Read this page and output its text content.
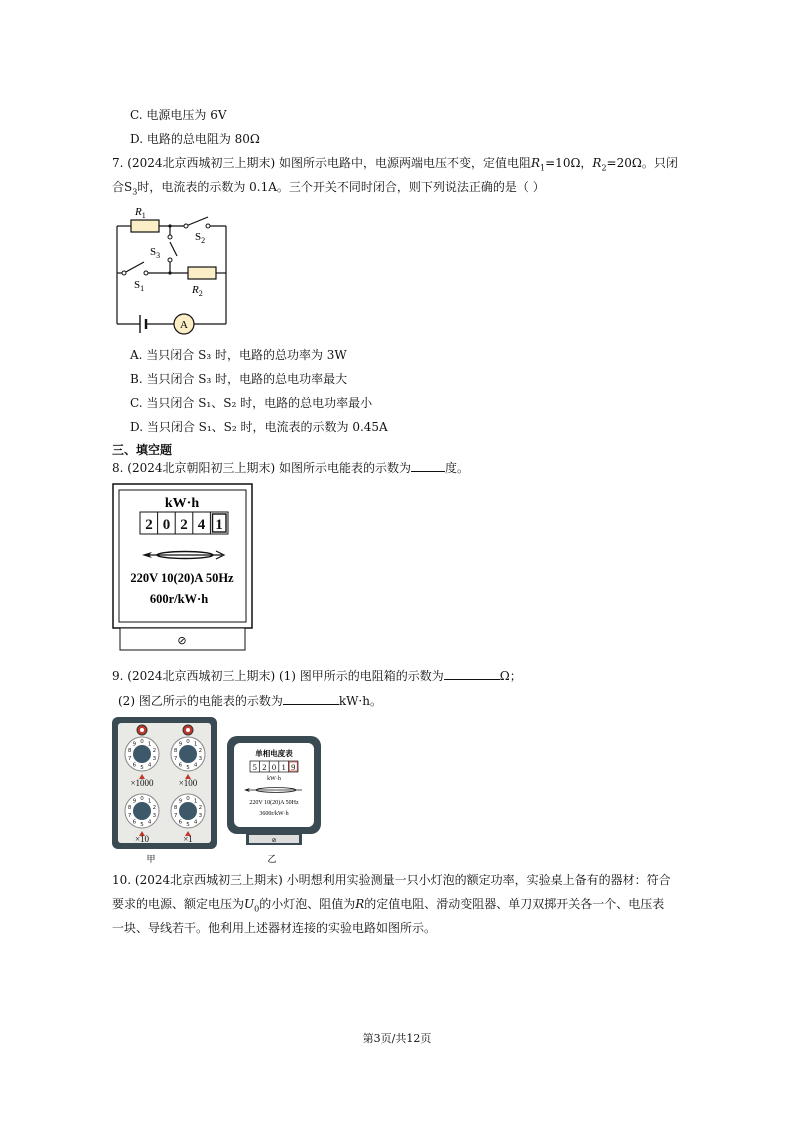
C. 电源电压为 6V
D. 电路的总电阻为 80Ω
7. (2024北京西城初三上期末) 如图所示电路中，电源两端电压不变，定值电阻$R_1=10\Omega$，$R_2=20\Omega$。只闭
合$S_3$时，电流表的示数为 0.1A。三个开关不同时闭合，则下列说法正确的是（ ）
$R_1$
$S_2$
$S_3$
$S_1$	$R_2$
A
A. 当只闭合 S₃ 时，电路的总功率为 3W
B. 当只闭合 S₃ 时，电路的总电功率最大
C. 当只闭合 S₁、S₂ 时，电路的总电功率最小
D. 当只闭合 S₁、S₂ 时，电流表的示数为 0.45A
三、填空题
8. (2024北京朝阳初三上期末) 如图所示电能表的示数为	度。
kW·h
2 0 2 4 1
220V 10(20)A 50Hz
600r/kW·h
⊘
9. (2024北京西城初三上期末) (1) 图甲所示的电阻箱的示数为	Ω；
(2) 图乙所示的电能表的示数为	kW·h。
0 1
2
3
4
5
6
7
8
9	0 1
2
3
4
5
6
7
8
9
0 1
2
3
4
5
6
7
8
9	0 1
2
3
4
5
6
7
8
9
×1000	×100
×10	×1
甲
单相电度表
5 2 0 1 9
kW·h
220V 10(20)A 50Hz
3600r/kW·h
⊘
乙
10. (2024北京西城初三上期末) 小明想利用实验测量一只小灯泡的额定功率，实验桌上备有的器材：符合
要求的电源、额定电压为$U_0$的小灯泡、阻值为R的定值电阻、滑动变阻器、单刀双掷开关各一个、电压表
一块、导线若干。他利用上述器材连接的实验电路如图所示。
第3页/共12页
